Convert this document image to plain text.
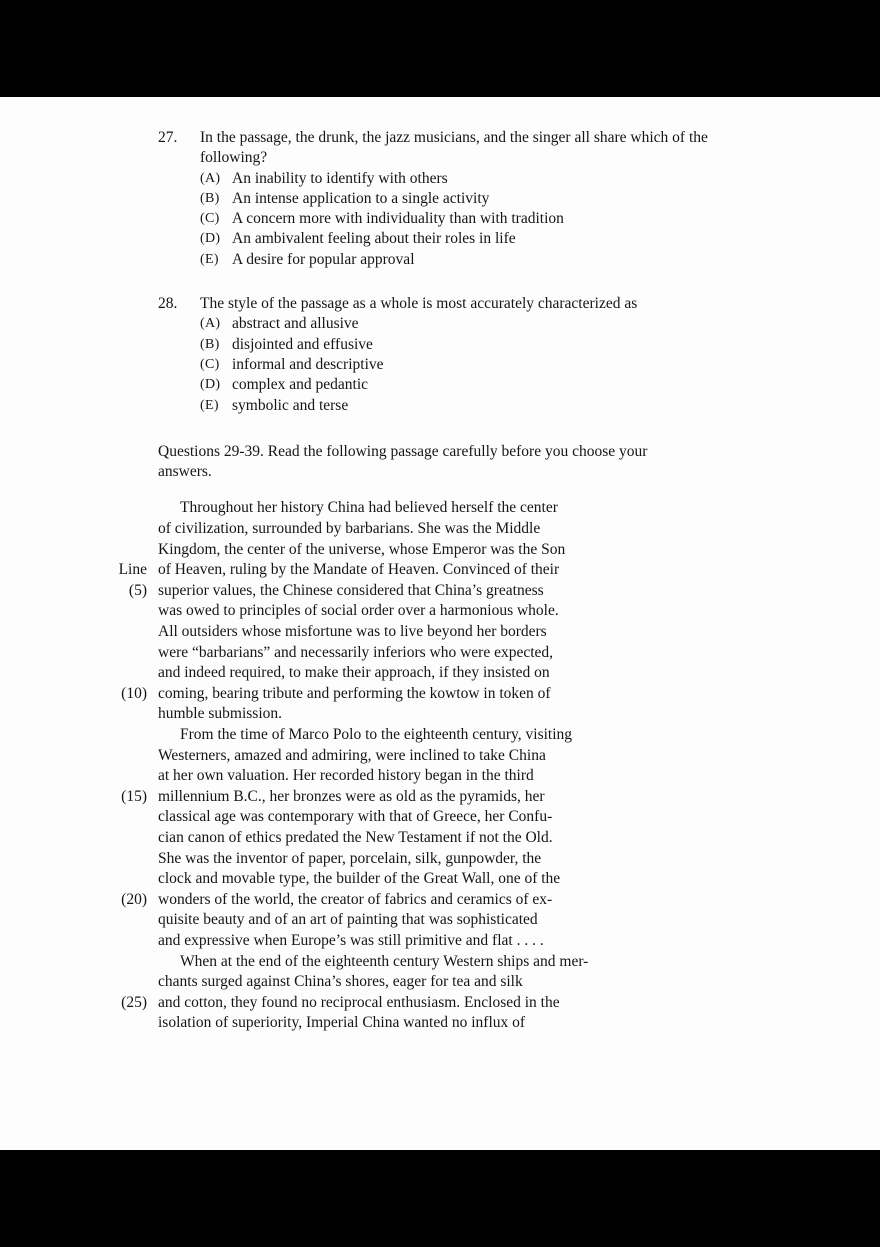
27.	In the passage, the drunk, the jazz musicians, and the singer all share which of the following?
(A) An inability to identify with others
(B) An intense application to a single activity
(C) A concern more with individuality than with tradition
(D) An ambivalent feeling about their roles in life
(E) A desire for popular approval
28.	The style of the passage as a whole is most accurately characterized as
(A) abstract and allusive
(B) disjointed and effusive
(C) informal and descriptive
(D) complex and pedantic
(E) symbolic and terse

Questions 29-39. Read the following passage carefully before you choose your answers.

Throughout her history China had believed herself the center
of civilization, surrounded by barbarians. She was the Middle
Kingdom, the center of the universe, whose Emperor was the Son
Line of Heaven, ruling by the Mandate of Heaven. Convinced of their
(5) superior values, the Chinese considered that China’s greatness
was owed to principles of social order over a harmonious whole.
All outsiders whose misfortune was to live beyond her borders
were “barbarians” and necessarily inferiors who were expected,
and indeed required, to make their approach, if they insisted on
(10) coming, bearing tribute and performing the kowtow in token of
humble submission.
From the time of Marco Polo to the eighteenth century, visiting
Westerners, amazed and admiring, were inclined to take China
at her own valuation. Her recorded history began in the third
(15) millennium B.C., her bronzes were as old as the pyramids, her
classical age was contemporary with that of Greece, her Confu-
cian canon of ethics predated the New Testament if not the Old.
She was the inventor of paper, porcelain, silk, gunpowder, the
clock and movable type, the builder of the Great Wall, one of the
(20) wonders of the world, the creator of fabrics and ceramics of ex-
quisite beauty and of an art of painting that was sophisticated
and expressive when Europe’s was still primitive and flat . . . .
When at the end of the eighteenth century Western ships and mer-
chants surged against China’s shores, eager for tea and silk
(25) and cotton, they found no reciprocal enthusiasm. Enclosed in the
isolation of superiority, Imperial China wanted no influx of
